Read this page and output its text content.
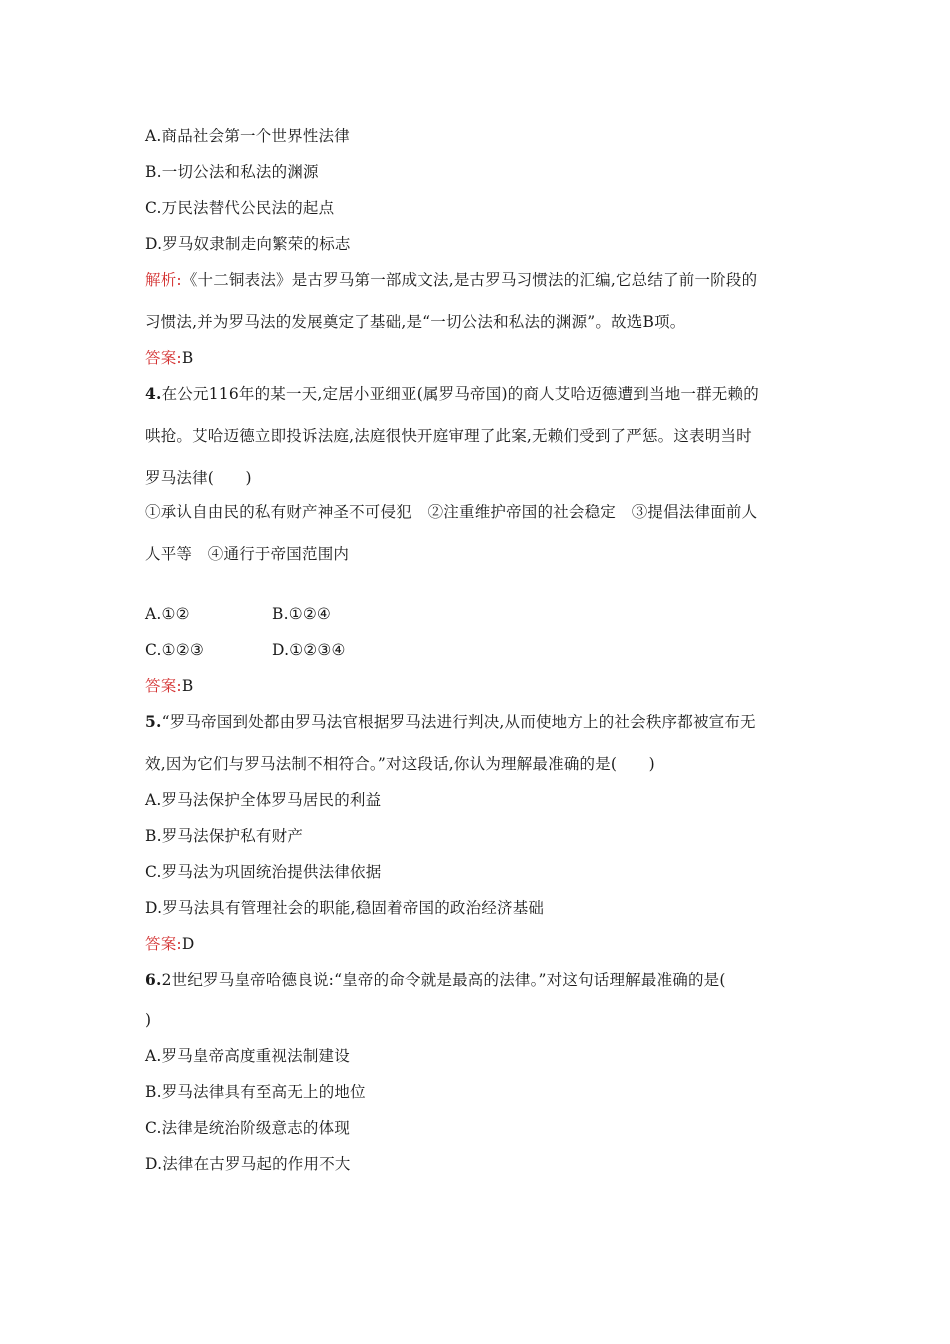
A.商品社会第一个世界性法律
B.一切公法和私法的渊源
C.万民法替代公民法的起点
D.罗马奴隶制走向繁荣的标志
解析:《十二铜表法》是古罗马第一部成文法,是古罗马习惯法的汇编,它总结了前一阶段的
习惯法,并为罗马法的发展奠定了基础,是“一切公法和私法的渊源”。故选B项。
答案:B
4.在公元116年的某一天,定居小亚细亚(属罗马帝国)的商人艾哈迈德遭到当地一群无赖的
哄抢。艾哈迈德立即投诉法庭,法庭很快开庭审理了此案,无赖们受到了严惩。这表明当时
罗马法律(　　)
①承认自由民的私有财产神圣不可侵犯　②注重维护帝国的社会稳定　③提倡法律面前人
人平等　④通行于帝国范围内
A.①②	B.①②④
C.①②③	D.①②③④
答案:B
5.“罗马帝国到处都由罗马法官根据罗马法进行判决,从而使地方上的社会秩序都被宣布无
效,因为它们与罗马法制不相符合。”对这段话,你认为理解最准确的是(　　)
A.罗马法保护全体罗马居民的利益
B.罗马法保护私有财产
C.罗马法为巩固统治提供法律依据
D.罗马法具有管理社会的职能,稳固着帝国的政治经济基础
答案:D
6.2世纪罗马皇帝哈德良说:“皇帝的命令就是最高的法律。”对这句话理解最准确的是(
)
A.罗马皇帝高度重视法制建设
B.罗马法律具有至高无上的地位
C.法律是统治阶级意志的体现
D.法律在古罗马起的作用不大
